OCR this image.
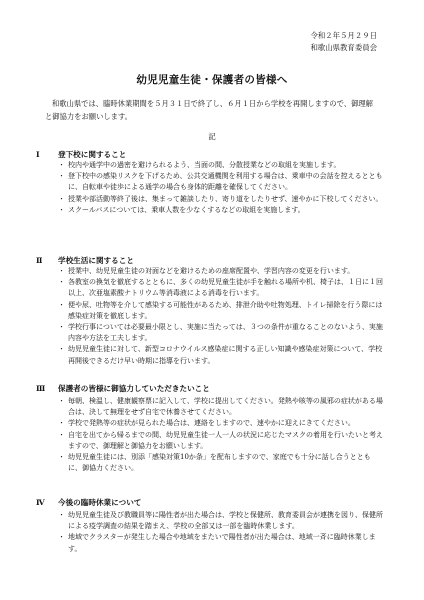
令和２年５月２９日
和歌山県教育委員会
幼児児童生徒・保護者の皆様へ
和歌山県では、臨時休業期間を５月３１日で終了し、６月１日から学校を再開しますので、御理解と御協力をお願いします。
記
Ⅰ 登下校に関すること
・ 校内や通学中の過密を避けられるよう、当面の間、分散授業などの取組を実施します。
・ 登下校中の感染リスクを下げるため、公共交通機関を利用する場合は、乗車中の会話を控えるとともに、自転車や徒歩による通学の場合も身体的距離を確保してください。
・ 授業や部活動等終了後は、集まって雑談したり、寄り道をしたりせず、速やかに下校してください。
・ スクールバスについては、乗車人数を少なくするなどの取組を実施します。
Ⅱ 学校生活に関すること
・ 授業中、幼児児童生徒の対面などを避けるための座席配置や、学習内容の変更を行います。
・ 各教室の換気を徹底するとともに、多くの幼児児童生徒が手を触れる場所や机、椅子は、１日に１回以上、次亜塩素酸ナトリウム等消毒液による消毒を行います。
・ 便や尿、吐物等を介して感染する可能性があるため、排泄介助や吐物処理、トイレ掃除を行う際には感染症対策を徹底します。
・ 学校行事については必要最小限とし、実施に当たっては、３つの条件が重なることのないよう、実施内容や方法を工夫します。
・ 幼児児童生徒に対して、新型コロナウイルス感染症に関する正しい知識や感染症対策について、学校再開後できるだけ早い時期に指導を行います。
Ⅲ 保護者の皆様に御協力していただきたいこと
・ 毎朝、検温し、健康観察票に記入して、学校に提出してください。発熱や咳等の風邪の症状がある場合は、決して無理をせず自宅で休養させてください。
・ 学校で発熱等の症状が見られた場合は、連絡をしますので、速やかに迎えにきてください。
・ 自宅を出てから帰るまでの間、幼児児童生徒一人一人の状況に応じたマスクの着用を行いたいと考えますので、御理解と御協力をお願いします。
・ 幼児児童生徒には、別添「感染対策10か条」を配布しますので、家庭でも十分に話し合うとともに、御協力ください。
Ⅳ 今後の臨時休業について
・ 幼児児童生徒及び教職員等に陽性者が出た場合は、学校と保健所、教育委員会が連携を図り、保健所による疫学調査の結果を踏まえ、学校の全部又は一部を臨時休業します。
・ 地域でクラスターが発生した場合や地域をまたいで陽性者が出た場合は、地域一斉に臨時休業します。
